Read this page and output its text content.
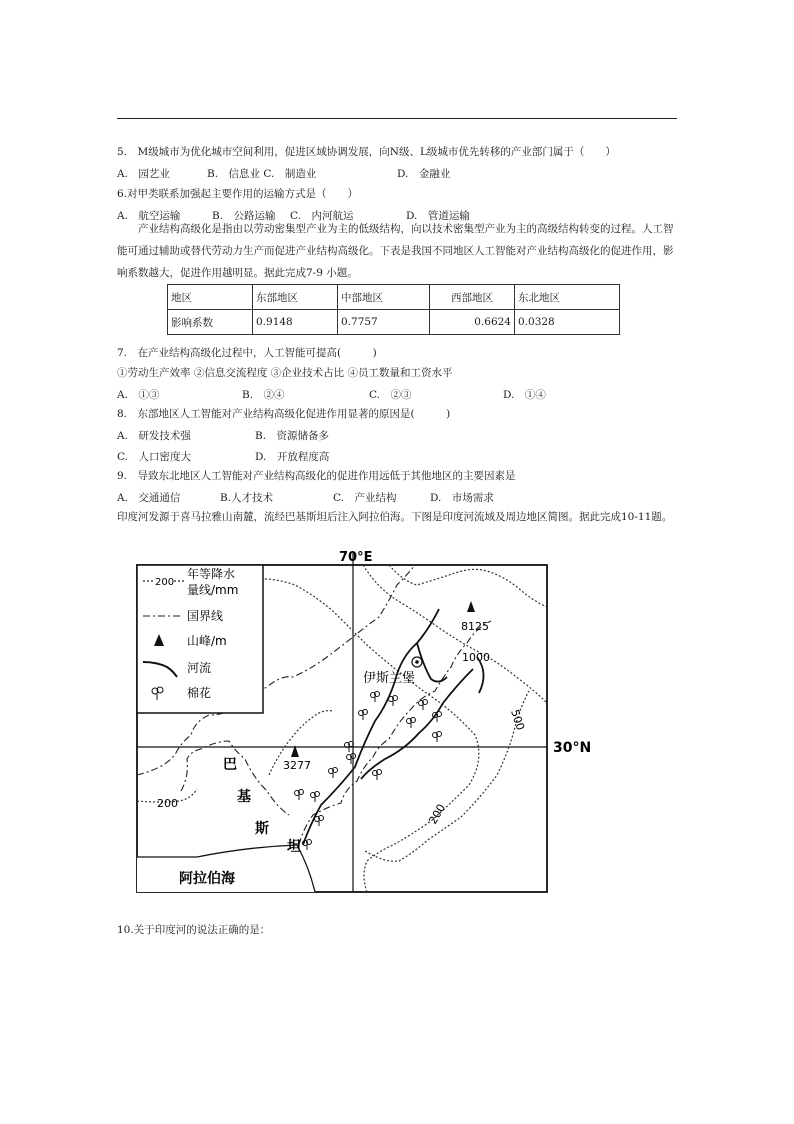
5.　M级城市为优化城市空间利用，促进区域协调发展，向N级、L级城市优先转移的产业部门属于（　　）
A.　园艺业	B.　信息业 C.　制造业	D.　金融业
6.对甲类联系加强起主要作用的运输方式是（　　）
A.　航空运输	B.　公路运输 C.　内河航运	D.　管道运输
产业结构高级化是指由以劳动密集型产业为主的低级结构，向以技术密集型产业为主的高级结构转变的过程。人工智能可通过辅助或替代劳动力生产而促进产业结构高级化。下表是我国不同地区人工智能对产业结构高级化的促进作用，影响系数越大，促进作用越明显。据此完成7-9 小题。
地区	东部地区	中部地区	西部地区	东北地区
影响系数	0.9148	0.7757	0.6624	0.0328
7.　在产业结构高级化过程中，人工智能可提高(　　　)
①劳动生产效率 ②信息交流程度 ③企业技术占比 ④员工数量和工资水平
A.　①③	B.　②④	C.　②③	D.　①④
8.　东部地区人工智能对产业结构高级化促进作用显著的原因是(　　　)
A.　研发技术强	B.　资源储备多
C.　人口密度大	D.　开放程度高
9.　导致东北地区人工智能对产业结构高级化的促进作用远低于其他地区的主要因素是
A.　交通通信	B.人才技术	C.　产业结构	D.　市场需求
印度河发源于喜马拉雅山南麓，流经巴基斯坦后注入阿拉伯海。下图是印度河流域及周边地区简图。据此完成10-11题。
70°E
30°N
阿拉伯海
1000
500
200
200
8125
3277
伊斯兰堡
巴
基
斯
坦
200
年等降水
量线/mm
国界线
山峰/m
河流
棉花
10.关于印度河的说法正确的是：
